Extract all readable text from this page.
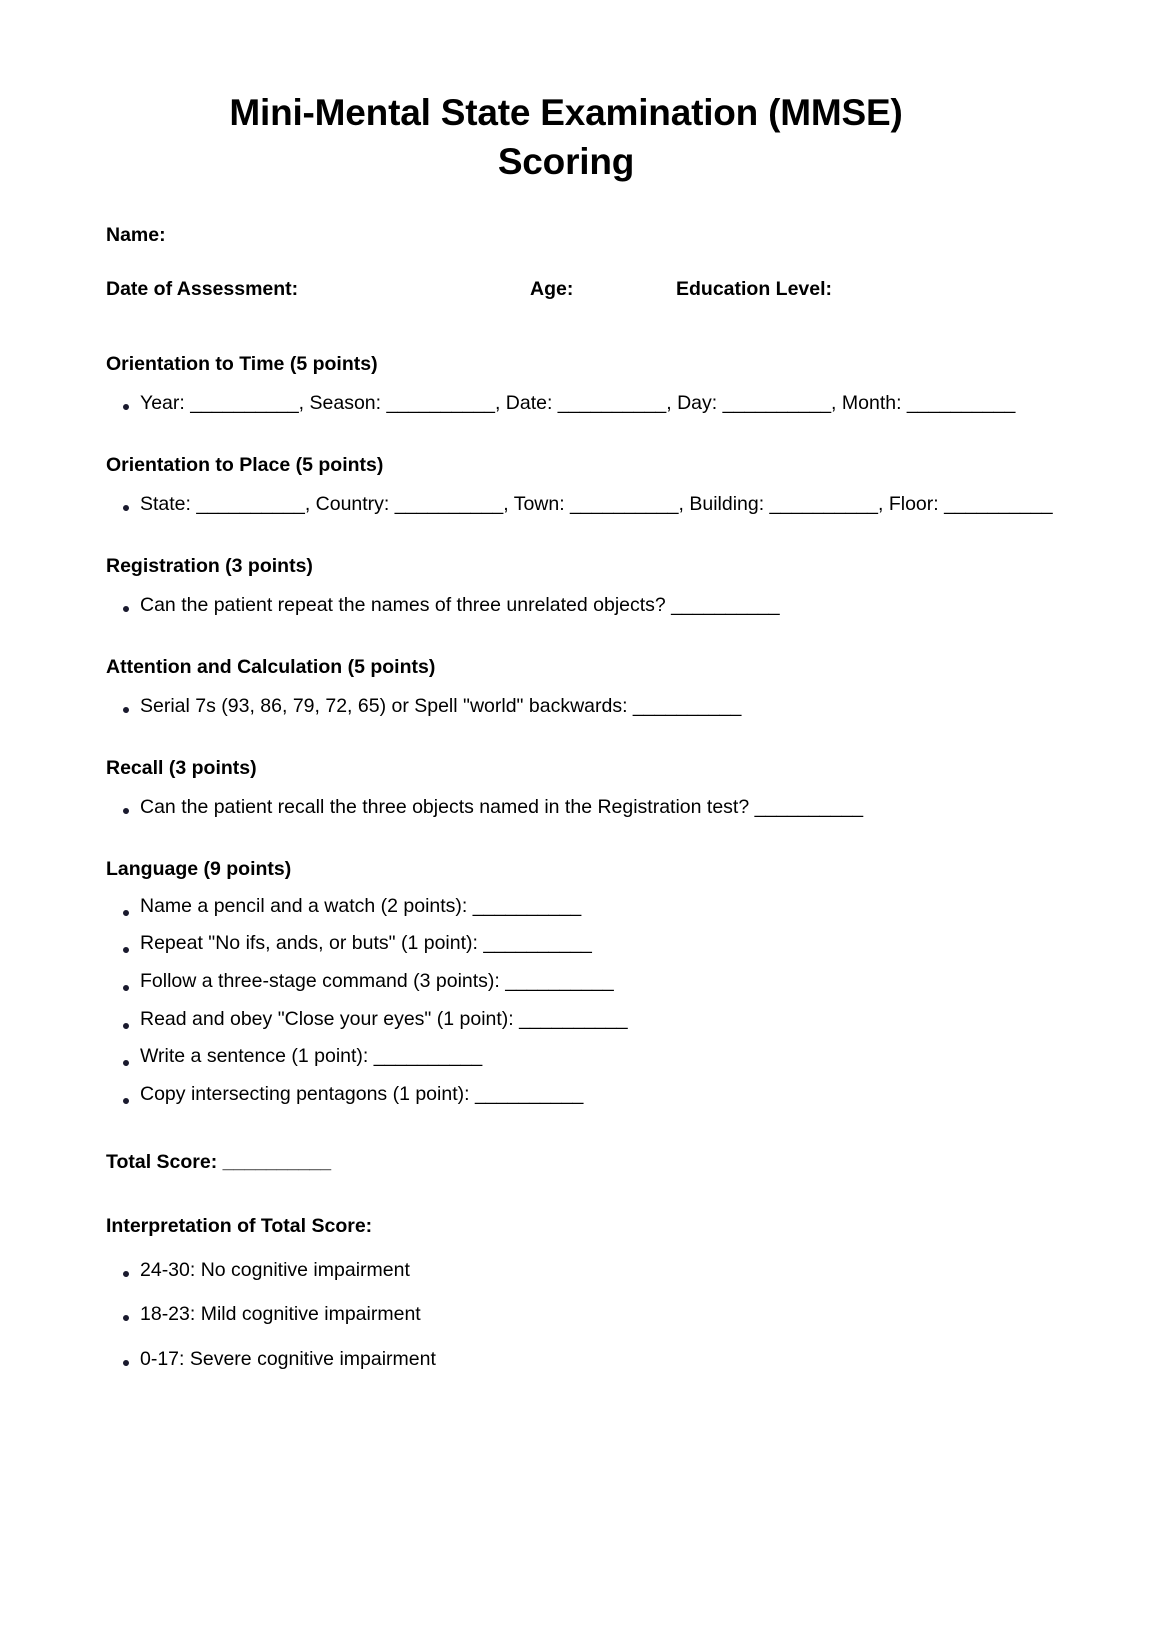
Mini-Mental State Examination (MMSE)
Scoring
Name:
Date of Assessment:	Age:	Education Level:
Orientation to Time (5 points)
Year: __________, Season: __________, Date: __________, Day: __________, Month: __________
Orientation to Place (5 points)
State: __________, Country: __________, Town: __________, Building: __________, Floor: __________
Registration (3 points)
Can the patient repeat the names of three unrelated objects? __________
Attention and Calculation (5 points)
Serial 7s (93, 86, 79, 72, 65) or Spell "world" backwards: __________
Recall (3 points)
Can the patient recall the three objects named in the Registration test? __________
Language (9 points)
Name a pencil and a watch (2 points): __________
Repeat "No ifs, ands, or buts" (1 point): __________
Follow a three-stage command (3 points): __________
Read and obey "Close your eyes" (1 point): __________
Write a sentence (1 point): __________
Copy intersecting pentagons (1 point): __________
Total Score: __________
Interpretation of Total Score:
24-30: No cognitive impairment
18-23: Mild cognitive impairment
0-17: Severe cognitive impairment
